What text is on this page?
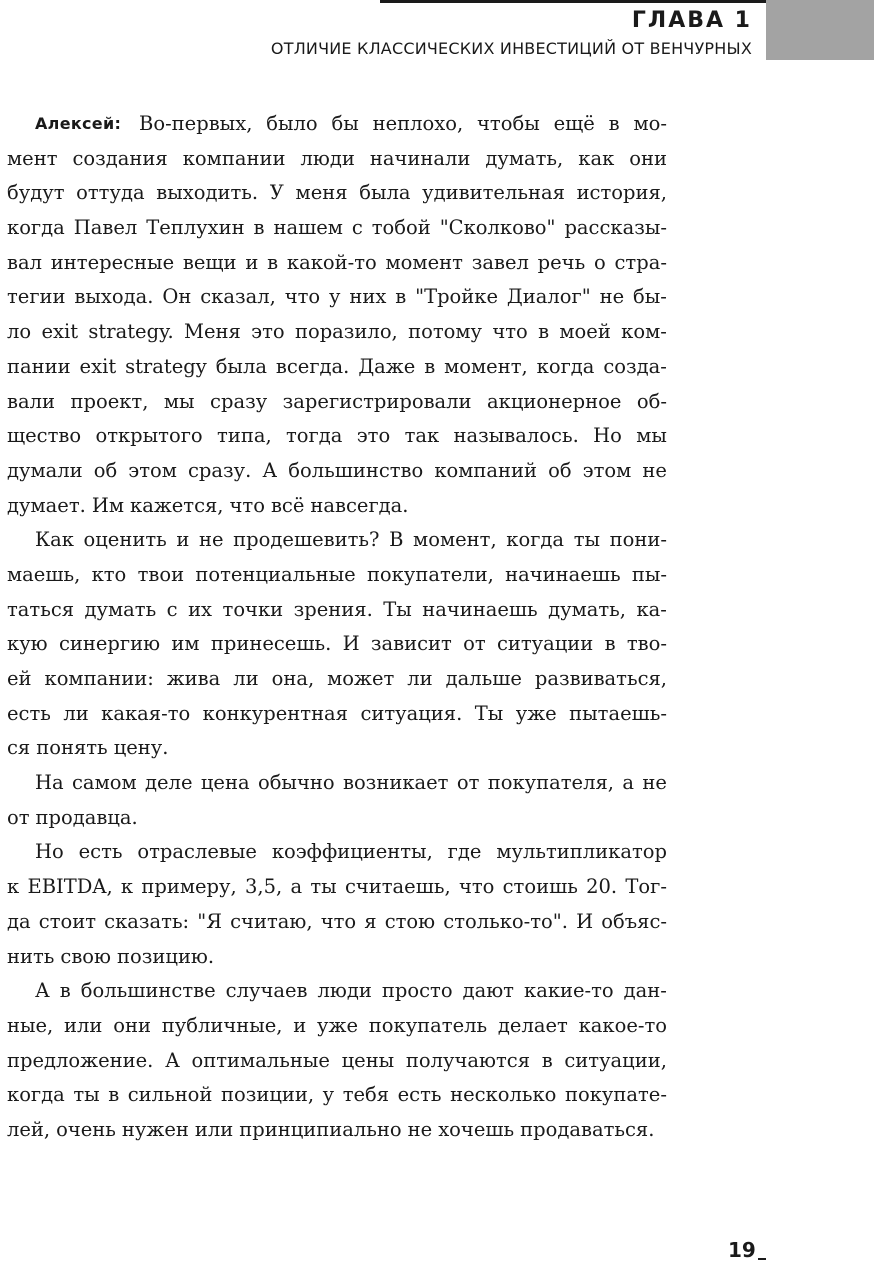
ГЛАВА 1
ОТЛИЧИЕ КЛАССИЧЕСКИХ ИНВЕСТИЦИЙ ОТ ВЕНЧУРНЫХ
Алексей: Во-первых, было бы неплохо, чтобы ещё в мо-
мент создания компании люди начинали думать, как они
будут оттуда выходить. У меня была удивительная история,
когда Павел Теплухин в нашем с тобой "Сколково" рассказы-
вал интересные вещи и в какой-то момент завел речь о стра-
тегии выхода. Он сказал, что у них в "Тройке Диалог" не бы-
ло exit strategy. Меня это поразило, потому что в моей ком-
пании exit strategy была всегда. Даже в момент, когда созда-
вали проект, мы сразу зарегистрировали акционерное об-
щество открытого типа, тогда это так называлось. Но мы
думали об этом сразу. А большинство компаний об этом не
думает. Им кажется, что всё навсегда.
Как оценить и не продешевить? В момент, когда ты пони-
маешь, кто твои потенциальные покупатели, начинаешь пы-
таться думать с их точки зрения. Ты начинаешь думать, ка-
кую синергию им принесешь. И зависит от ситуации в тво-
ей компании: жива ли она, может ли дальше развиваться,
есть ли какая-то конкурентная ситуация. Ты уже пытаешь-
ся понять цену.
На самом деле цена обычно возникает от покупателя, а не
от продавца.
Но есть отраслевые коэффициенты, где мультипликатор
к EBITDA, к примеру, 3,5, а ты считаешь, что стоишь 20. Тог-
да стоит сказать: "Я считаю, что я стою столько-то". И объяс-
нить свою позицию.
А в большинстве случаев люди просто дают какие-то дан-
ные, или они публичные, и уже покупатель делает какое-то
предложение. А оптимальные цены получаются в ситуации,
когда ты в сильной позиции, у тебя есть несколько покупате-
лей, очень нужен или принципиально не хочешь продаваться.
19
